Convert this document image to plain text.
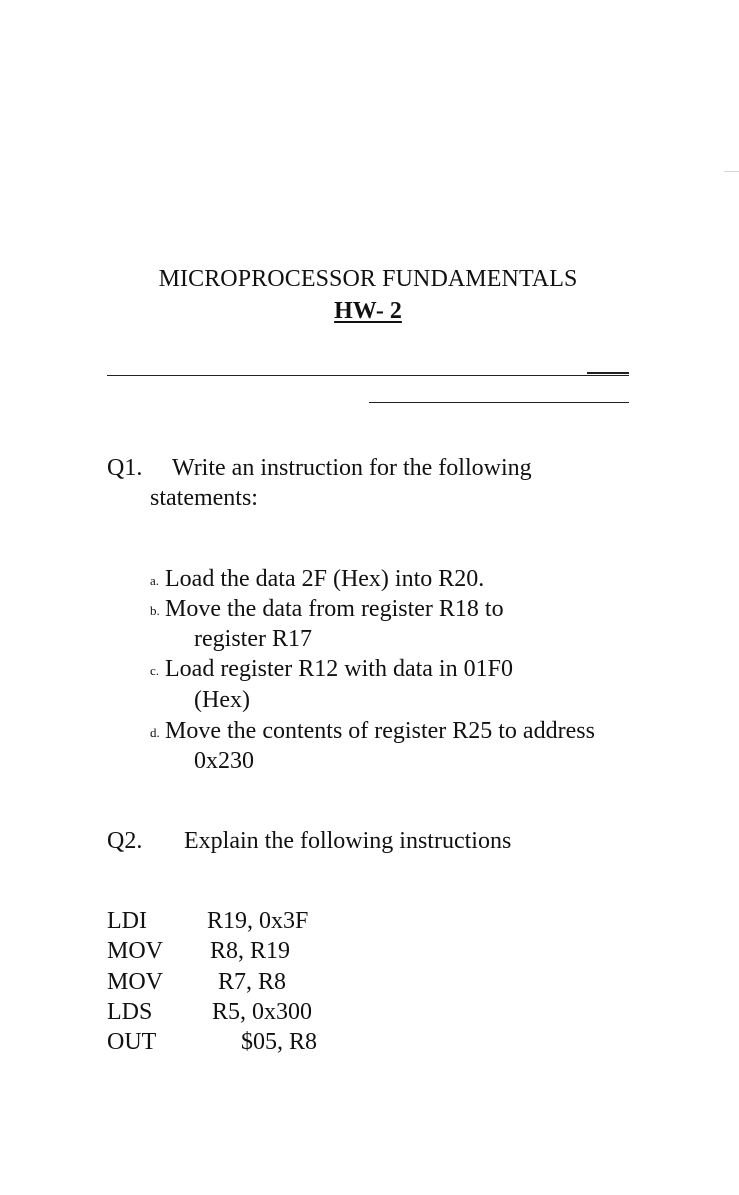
MICROPROCESSOR FUNDAMENTALS
HW- 2
Q1. Write an instruction for the following
statements:
a. Load the data 2F (Hex) into R20.
b. Move the data from register R18 to
register R17
c. Load register R12 with data in 01F0
(Hex)
d. Move the contents of register R25 to address
0x230
Q2. Explain the following instructions
LDI	R19, 0x3F
MOV R8, R19
MOV R7, R8
LDS R5, 0x300
OUT	$05, R8
